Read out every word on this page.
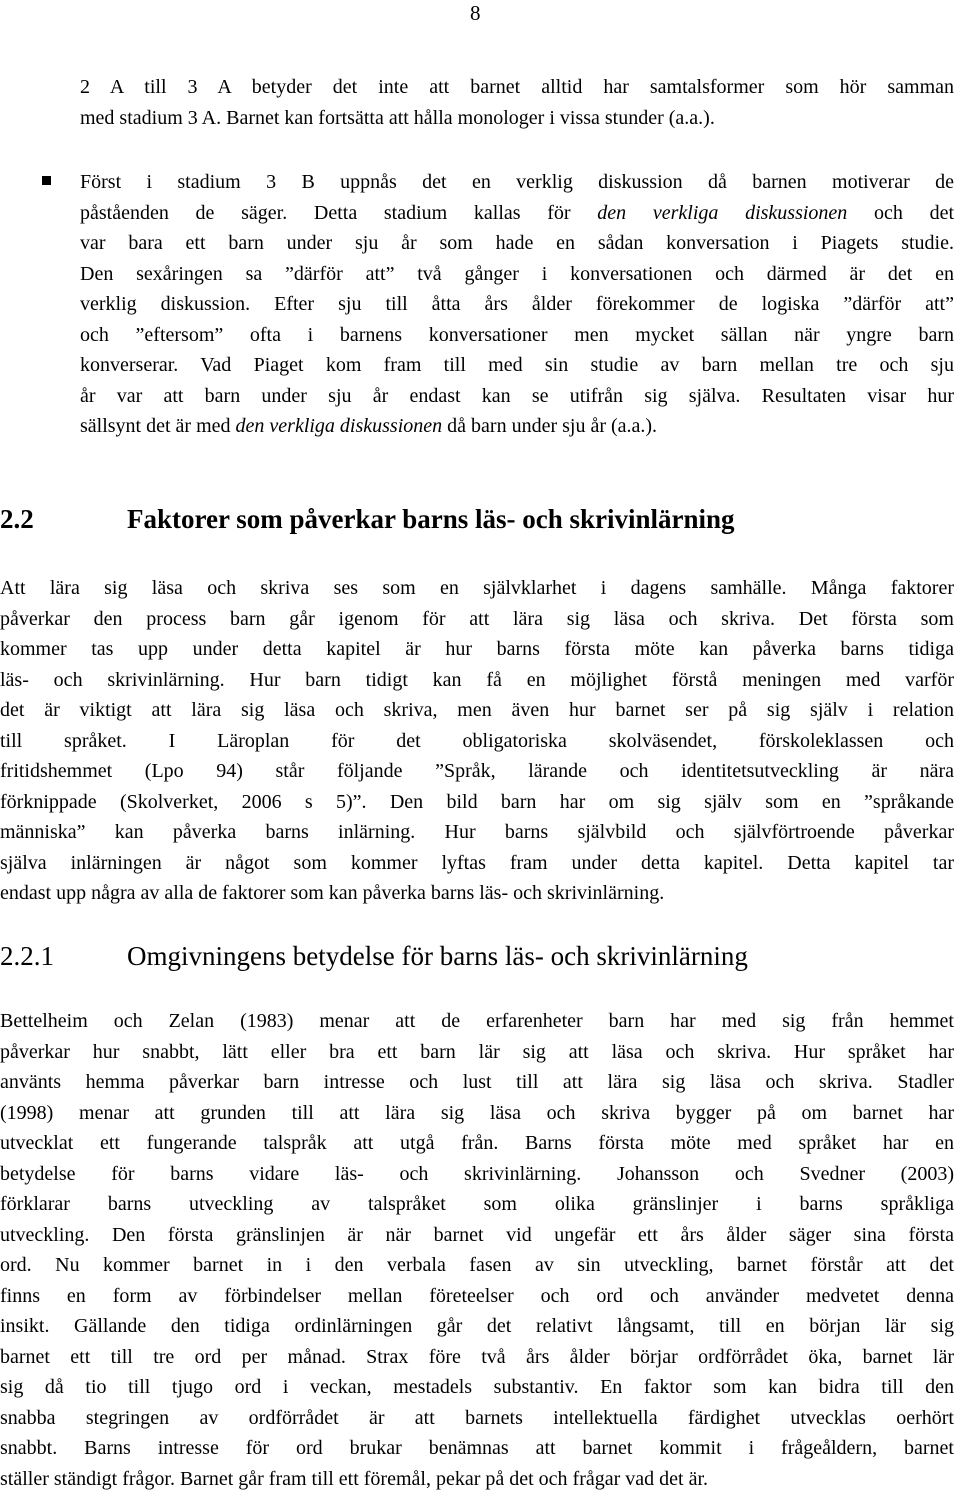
8
2 A till 3 A betyder det inte att barnet alltid har samtalsformer som hör samman
med stadium 3 A. Barnet kan fortsätta att hålla monologer i vissa stunder (a.a.).
Först i stadium 3 B uppnås det en verklig diskussion då barnen motiverar de
påståenden de säger. Detta stadium kallas för den verkliga diskussionen och det
var bara ett barn under sju år som hade en sådan konversation i Piagets studie.
Den sexåringen sa ”därför att” två gånger i konversationen och därmed är det en
verklig diskussion. Efter sju till åtta års ålder förekommer de logiska ”därför att”
och ”eftersom” ofta i barnens konversationer men mycket sällan när yngre barn
konverserar. Vad Piaget kom fram till med sin studie av barn mellan tre och sju
år var att barn under sju år endast kan se utifrån sig själva. Resultaten visar hur
sällsynt det är med den verkliga diskussionen då barn under sju år (a.a.).
2.2	Faktorer som påverkar barns läs- och skrivinlärning
Att lära sig läsa och skriva ses som en självklarhet i dagens samhälle. Många faktorer
påverkar den process barn går igenom för att lära sig läsa och skriva. Det första som
kommer tas upp under detta kapitel är hur barns första möte kan påverka barns tidiga
läs- och skrivinlärning. Hur barn tidigt kan få en möjlighet förstå meningen med varför
det är viktigt att lära sig läsa och skriva, men även hur barnet ser på sig själv i relation
till språket. I Läroplan för det obligatoriska skolväsendet, förskoleklassen och
fritidshemmet (Lpo 94) står följande ”Språk, lärande och identitetsutveckling är nära
förknippade (Skolverket, 2006 s 5)”. Den bild barn har om sig själv som en ”språkande
människa” kan påverka barns inlärning. Hur barns självbild och självförtroende påverkar
själva inlärningen är något som kommer lyftas fram under detta kapitel. Detta kapitel tar
endast upp några av alla de faktorer som kan påverka barns läs- och skrivinlärning.
2.2.1	Omgivningens betydelse för barns läs- och skrivinlärning
Bettelheim och Zelan (1983) menar att de erfarenheter barn har med sig från hemmet
påverkar hur snabbt, lätt eller bra ett barn lär sig att läsa och skriva. Hur språket har
använts hemma påverkar barn intresse och lust till att lära sig läsa och skriva. Stadler
(1998) menar att grunden till att lära sig läsa och skriva bygger på om barnet har
utvecklat ett fungerande talspråk att utgå från. Barns första möte med språket har en
betydelse för barns vidare läs- och skrivinlärning. Johansson och Svedner (2003)
förklarar barns utveckling av talspråket som olika gränslinjer i barns språkliga
utveckling. Den första gränslinjen är när barnet vid ungefär ett års ålder säger sina första
ord. Nu kommer barnet in i den verbala fasen av sin utveckling, barnet förstår att det
finns en form av förbindelser mellan företeelser och ord och använder medvetet denna
insikt. Gällande den tidiga ordinlärningen går det relativt långsamt, till en början lär sig
barnet ett till tre ord per månad. Strax före två års ålder börjar ordförrådet öka, barnet lär
sig då tio till tjugo ord i veckan, mestadels substantiv. En faktor som kan bidra till den
snabba stegringen av ordförrådet är att barnets intellektuella färdighet utvecklas oerhört
snabbt. Barns intresse för ord brukar benämnas att barnet kommit i frågeåldern, barnet
ställer ständigt frågor. Barnet går fram till ett föremål, pekar på det och frågar vad det är.
